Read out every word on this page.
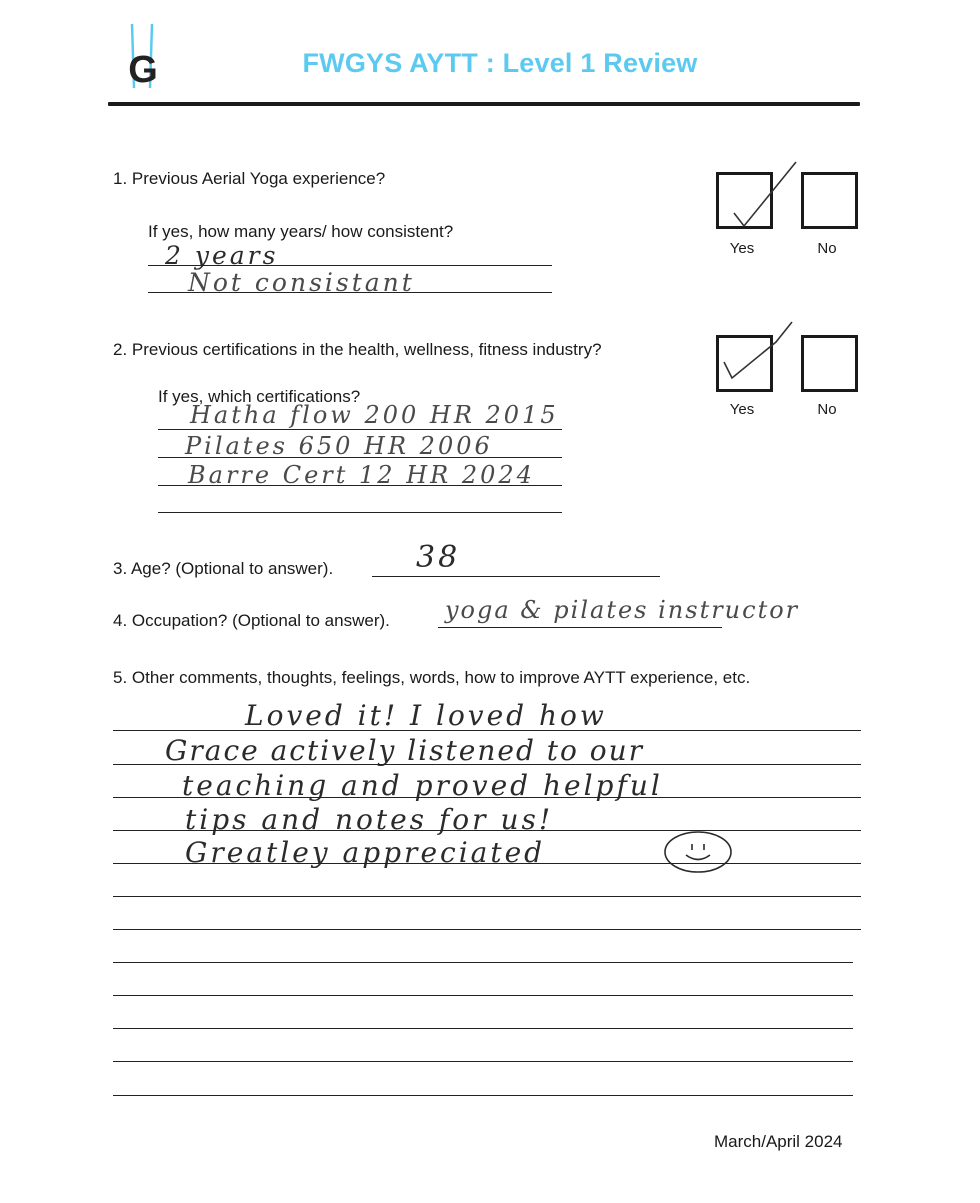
G	FWGYS AYTT : Level 1 Review
1. Previous Aerial Yoga experience?
If yes, how many years/ how consistent?
2 years
Not consistant
Yes	No
2. Previous certifications in the health, wellness, fitness industry?
If yes, which certifications?
Hatha flow 200 HR 2015
Pilates 650 HR 2006
Barre Cert 12 HR 2024
Yes	No
3. Age? (Optional to answer).	38
4. Occupation? (Optional to answer). yoga & pilates instructor
5. Other comments, thoughts, feelings, words, how to improve AYTT experience, etc.
Loved it! I loved how
Grace actively listened to our
teaching and proved helpful
tips and notes for us!
Greatley appreciated
March/April 2024
